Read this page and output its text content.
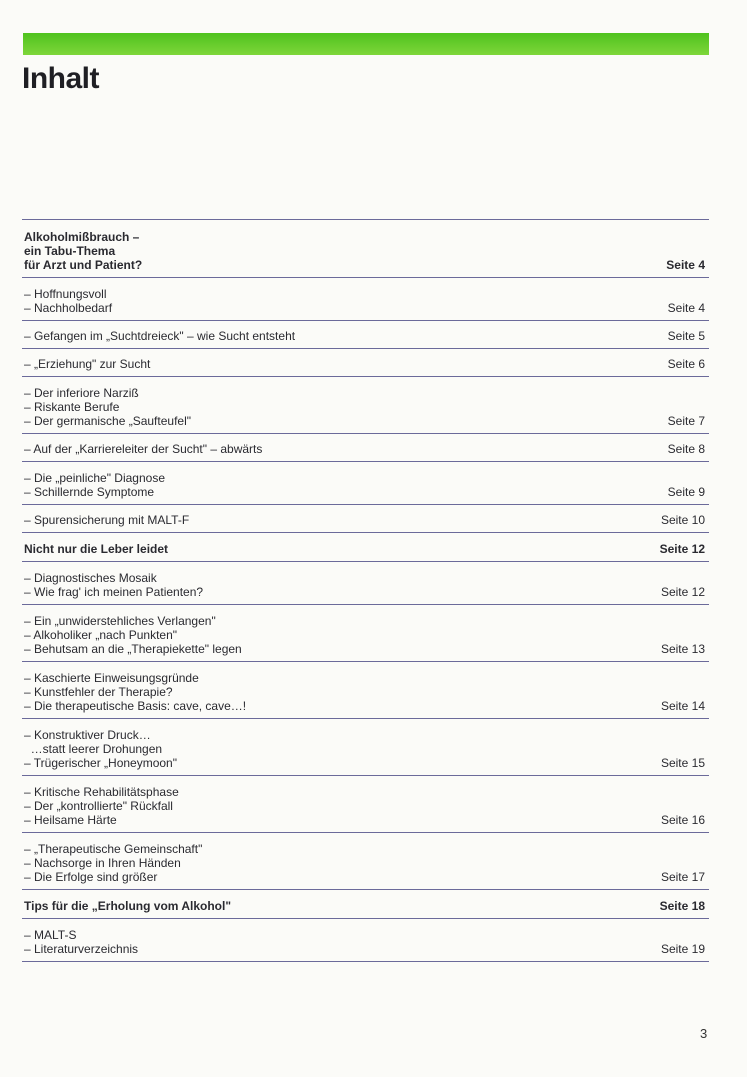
Inhalt
Alkoholmißbrauch –
ein Tabu-Thema
für Arzt und Patient?	Seite 4
– Hoffnungsvoll
– Nachholbedarf	Seite 4
– Gefangen im „Suchtdreieck" – wie Sucht entsteht	Seite 5
– „Erziehung" zur Sucht	Seite 6
– Der inferiore Narziß
– Riskante Berufe
– Der germanische „Saufteufel"	Seite 7
– Auf der „Karriereleiter der Sucht" – abwärts	Seite 8
– Die „peinliche" Diagnose
– Schillernde Symptome	Seite 9
– Spurensicherung mit MALT-F	Seite 10
Nicht nur die Leber leidet	Seite 12
– Diagnostisches Mosaik
– Wie frag' ich meinen Patienten?	Seite 12
– Ein „unwiderstehliches Verlangen"
– Alkoholiker „nach Punkten"
– Behutsam an die „Therapiekette" legen	Seite 13
– Kaschierte Einweisungsgründe
– Kunstfehler der Therapie?
– Die therapeutische Basis: cave, cave…!	Seite 14
– Konstruktiver Druck…
…statt leerer Drohungen
– Trügerischer „Honeymoon"	Seite 15
– Kritische Rehabilitätsphase
– Der „kontrollierte" Rückfall
– Heilsame Härte	Seite 16
– „Therapeutische Gemeinschaft"
– Nachsorge in Ihren Händen
– Die Erfolge sind größer	Seite 17
Tips für die „Erholung vom Alkohol"	Seite 18
– MALT-S
– Literaturverzeichnis	Seite 19
3
